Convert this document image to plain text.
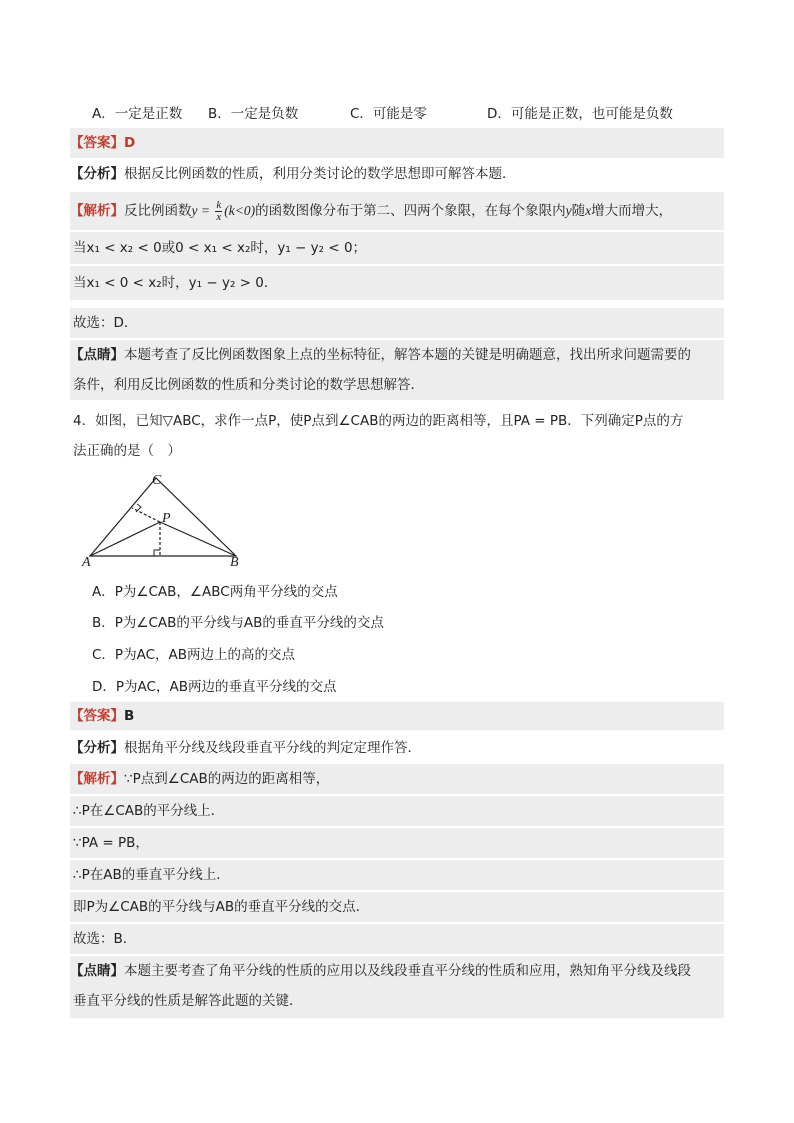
A．一定是正数 B．一定是负数	C．可能是零	D．可能是正数，也可能是负数
【答案】D
【分析】根据反比例函数的性质，利用分类讨论的数学思想即可解答本题．
【解析】反比例函数$y = \frac{k}{x} (k<0)$的函数图像分布于第二、四两个象限，在每个象限内y随x增大而增大，
当x₁ < x₂ < 0或0 < x₁ < x₂时，y₁ − y₂ < 0；
当x₁ < 0 < x₂时，y₁ − y₂ > 0．
故选：D．
【点睛】本题考查了反比例函数图象上点的坐标特征，解答本题的关键是明确题意，找出所求问题需要的
条件，利用反比例函数的性质和分类讨论的数学思想解答．
4．如图，已知▽ABC，求作一点P，使P点到∠CAB的两边的距离相等，且PA = PB．下列确定P点的方
法正确的是（　）
A	B
C
P
A．P为∠CAB，∠ABC两角平分线的交点
B．P为∠CAB的平分线与AB的垂直平分线的交点
C．P为AC，AB两边上的高的交点
D．P为AC，AB两边的垂直平分线的交点
【答案】B
【分析】根据角平分线及线段垂直平分线的判定定理作答．
【解析】∵P点到∠CAB的两边的距离相等，
∴P在∠CAB的平分线上．
∵PA = PB，
∴P在AB的垂直平分线上．
即P为∠CAB的平分线与AB的垂直平分线的交点．
故选：B．
【点睛】本题主要考查了角平分线的性质的应用以及线段垂直平分线的性质和应用，熟知角平分线及线段
垂直平分线的性质是解答此题的关键．
